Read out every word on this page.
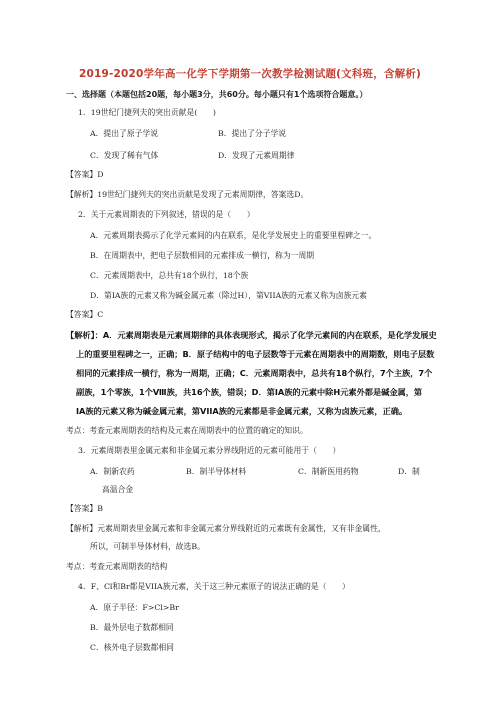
2019-2020学年高一化学下学期第一次教学检测试题(文科班，含解析)
一、选择题（本题包括20题，每小题3分，共60分。每小题只有1个选项符合题意。）
1．19世纪门捷列夫的突出贡献是(　　)
A．提出了原子学说	B．提出了分子学说
C．发现了稀有气体	D．发现了元素周期律
【答案】D
【解析】19世纪门捷列夫的突出贡献是发现了元素周期律，答案选D。
2．关于元素周期表的下列叙述，错误的是（　　）
A．元素周期表揭示了化学元素间的内在联系，是化学发展史上的重要里程碑之一。
B．在周期表中，把电子层数相同的元素排成一横行，称为一周期
C．元素周期表中，总共有18个纵行，18个族
D．第IA族的元素又称为碱金属元素（除过H），第VIIA族的元素又称为卤族元素
【答案】C
【解析】：A．元素周期表是元素周期律的具体表现形式，揭示了化学元素间的内在联系，是化学发展史
上的重要里程碑之一，正确；B．原子结构中的电子层数等于元素在周期表中的周期数，则电子层数
相同的元素排成一横行，称为一周期，正确；C．元素周期表中，总共有18个纵行，7个主族，7个
副族，1个零族，1个Ⅷ族，共16个族，错误；D．第IA族的元素中除H元素外都是碱金属，第
IA族的元素又称为碱金属元素，第VIIA族的元素都是非金属元素，又称为卤族元素，正确。
考点：考查元素周期表的结构及元素在周期表中的位置的确定的知识。
3．元素周期表里金属元素和非金属元素分界线附近的元素可能用于（　　）
A．制新农药	B．制半导体材料	C．制新医用药物	D．制
高温合金
【答案】B
【解析】元素周期表里金属元素和非金属元素分界线附近的元素既有金属性，又有非金属性，
所以，可制半导体材料，故选B。
考点：考查元素周期表的结构
4．F、Cl和Br都是VIIA族元素，关于这三种元素原子的说法正确的是（　　）
A．原子半径：F>Cl>Br
B．最外层电子数都相同
C．核外电子层数都相同
